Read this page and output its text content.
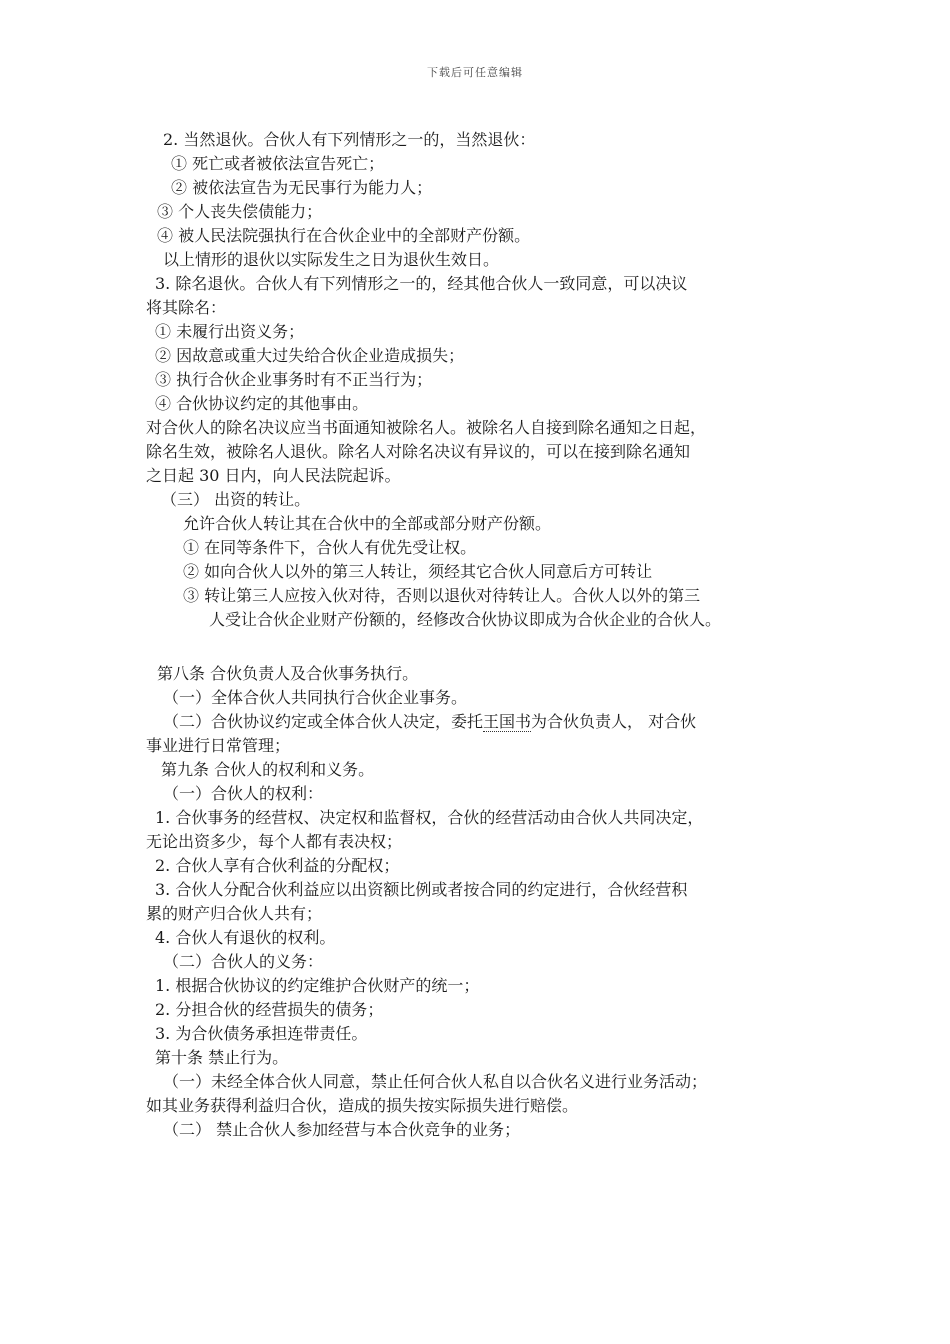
下载后可任意编辑
2. 当然退伙。合伙人有下列情形之一的，当然退伙：
① 死亡或者被依法宣告死亡；
② 被依法宣告为无民事行为能力人；
③ 个人丧失偿债能力；
④ 被人民法院强执行在合伙企业中的全部财产份额。
以上情形的退伙以实际发生之日为退伙生效日。
3. 除名退伙。合伙人有下列情形之一的，经其他合伙人一致同意，可以决议
将其除名：
① 未履行出资义务；
② 因故意或重大过失给合伙企业造成损失；
③ 执行合伙企业事务时有不正当行为；
④ 合伙协议约定的其他事由。
对合伙人的除名决议应当书面通知被除名人。被除名人自接到除名通知之日起，
除名生效，被除名人退伙。除名人对除名决议有异议的，可以在接到除名通知
之日起 30 日内，向人民法院起诉。
（三） 出资的转让。
允许合伙人转让其在合伙中的全部或部分财产份额。
① 在同等条件下，合伙人有优先受让权。
② 如向合伙人以外的第三人转让，须经其它合伙人同意后方可转让
③ 转让第三人应按入伙对待，否则以退伙对待转让人。合伙人以外的第三
人受让合伙企业财产份额的，经修改合伙协议即成为合伙企业的合伙人。
第八条 合伙负责人及合伙事务执行。
（一）全体合伙人共同执行合伙企业事务。
（二）合伙协议约定或全体合伙人决定，委托王国书为合伙负责人， 对合伙
事业进行日常管理；
第九条 合伙人的权利和义务。
（一）合伙人的权利：
1. 合伙事务的经营权、决定权和监督权，合伙的经营活动由合伙人共同决定，
无论出资多少，每个人都有表决权；
2. 合伙人享有合伙利益的分配权；
3. 合伙人分配合伙利益应以出资额比例或者按合同的约定进行，合伙经营积
累的财产归合伙人共有；
4. 合伙人有退伙的权利。
（二）合伙人的义务：
1. 根据合伙协议的约定维护合伙财产的统一；
2. 分担合伙的经营损失的债务；
3. 为合伙债务承担连带责任。
第十条 禁止行为。
（一）未经全体合伙人同意，禁止任何合伙人私自以合伙名义进行业务活动；
如其业务获得利益归合伙，造成的损失按实际损失进行赔偿。
（二） 禁止合伙人参加经营与本合伙竞争的业务；
